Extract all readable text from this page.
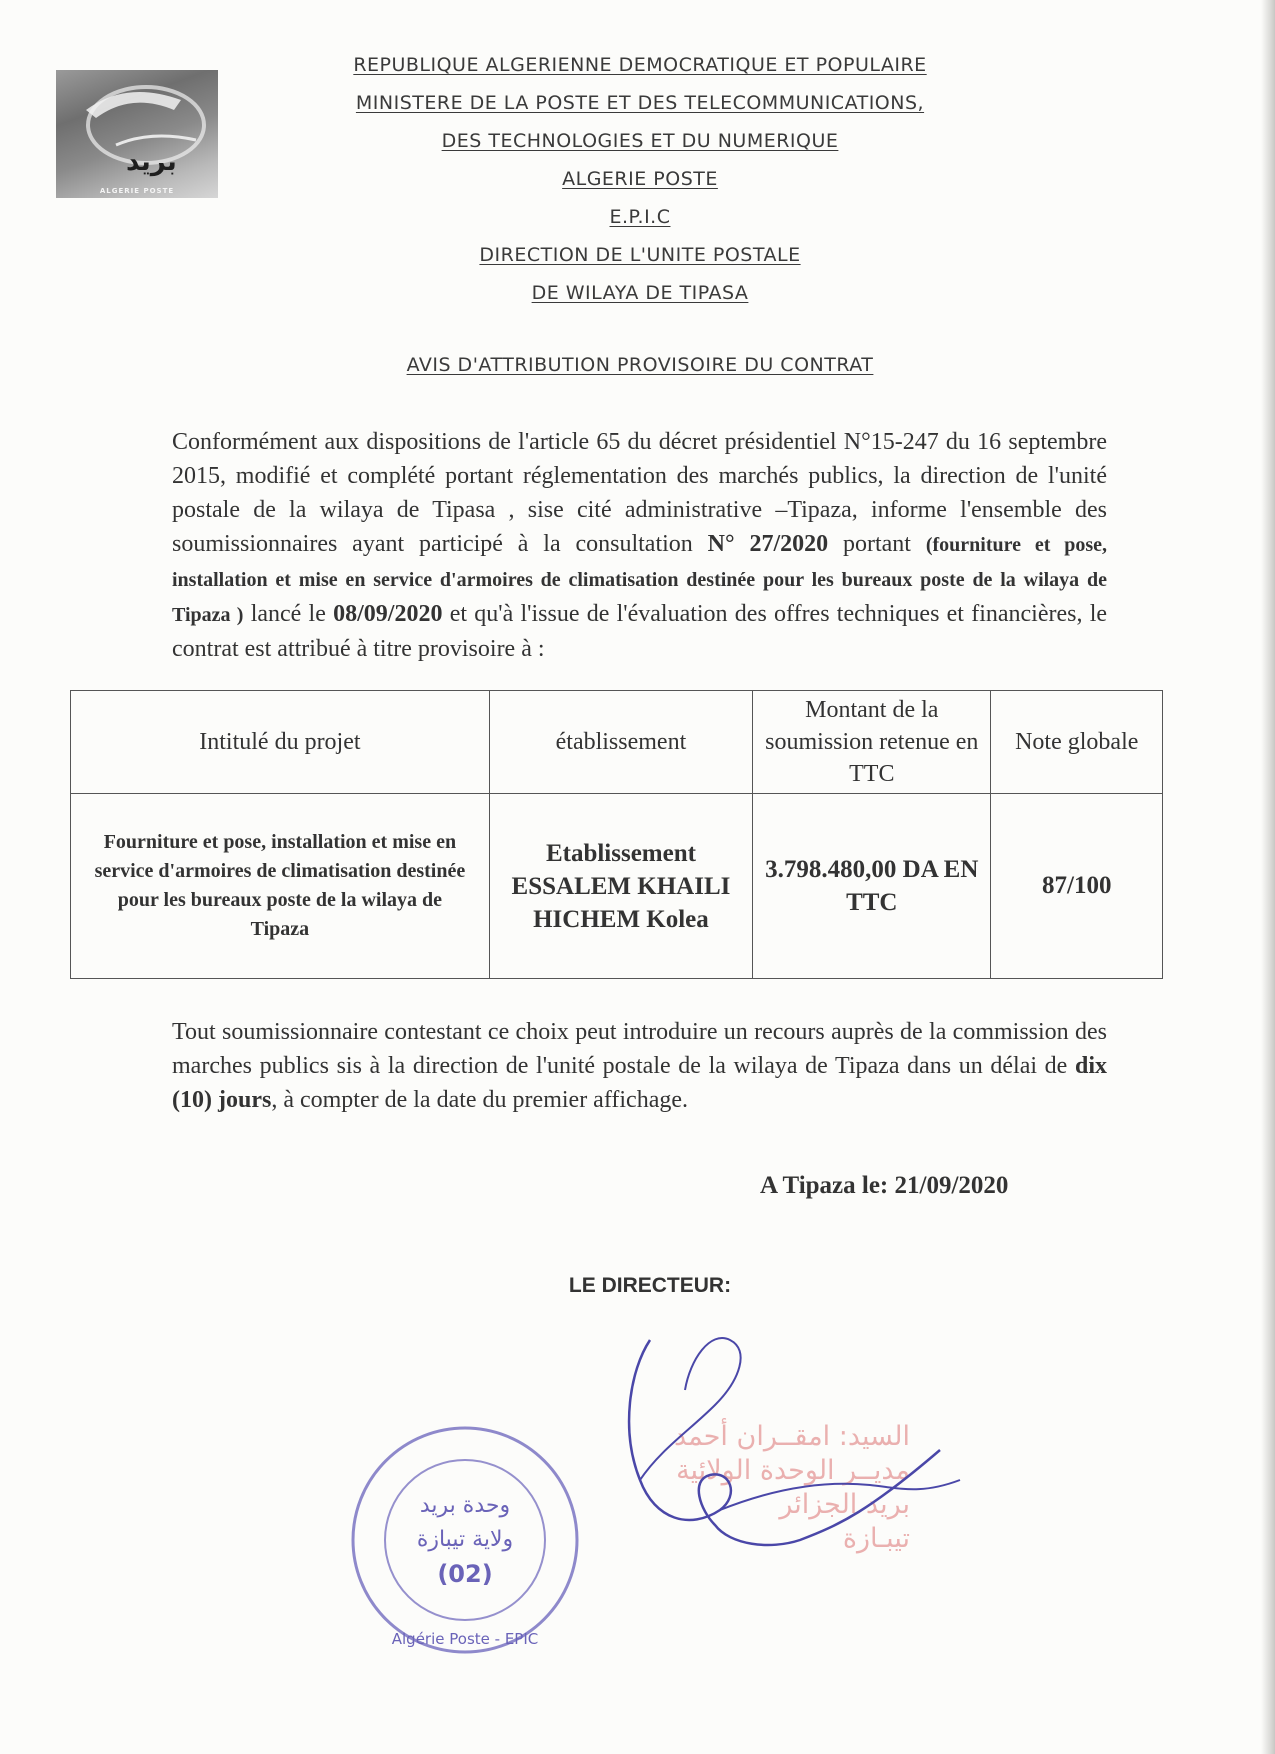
بريد
ALGERIE POSTE
REPUBLIQUE ALGERIENNE DEMOCRATIQUE ET POPULAIRE
MINISTERE DE LA POSTE ET DES TELECOMMUNICATIONS,
DES TECHNOLOGIES ET DU NUMERIQUE
ALGERIE POSTE
E.P.I.C
DIRECTION DE L'UNITE POSTALE
DE WILAYA DE TIPASA
AVIS D'ATTRIBUTION PROVISOIRE DU CONTRAT
Conformément aux dispositions de l'article 65 du décret présidentiel N°15-247 du 16 septembre 2015, modifié et complété portant réglementation des marchés publics, la direction de l'unité postale de la wilaya de Tipasa , sise cité administrative –Tipaza, informe l'ensemble des soumissionnaires ayant participé à la consultation N° 27/2020 portant (fourniture et pose, installation et mise en service d'armoires de climatisation destinée pour les bureaux poste de la wilaya de Tipaza ) lancé le 08/09/2020 et qu'à l'issue de l'évaluation des offres techniques et financières, le contrat est attribué à titre provisoire à :
Intitulé du projet	établissement	Montant de la soumission retenue en TTC	Note globale
Fourniture et pose, installation et mise en service d'armoires de climatisation destinée pour les bureaux poste de la wilaya de Tipaza	Etablissement ESSALEM KHAILI HICHEM Kolea	3.798.480,00 DA EN TTC	87/100
Tout soumissionnaire contestant ce choix peut introduire un recours auprès de la commission des marches publics sis à la direction de l'unité postale de la wilaya de Tipaza dans un délai de dix (10) jours, à compter de la date du premier affichage.
A Tipaza le: 21/09/2020
LE DIRECTEUR:
السيد: امقــران أحمد
مديــر الوحدة الولائية
بريد الجزائر
تيبـازة
وحدة بريد
ولاية تيبازة
(02)
Algérie Poste - EPIC
